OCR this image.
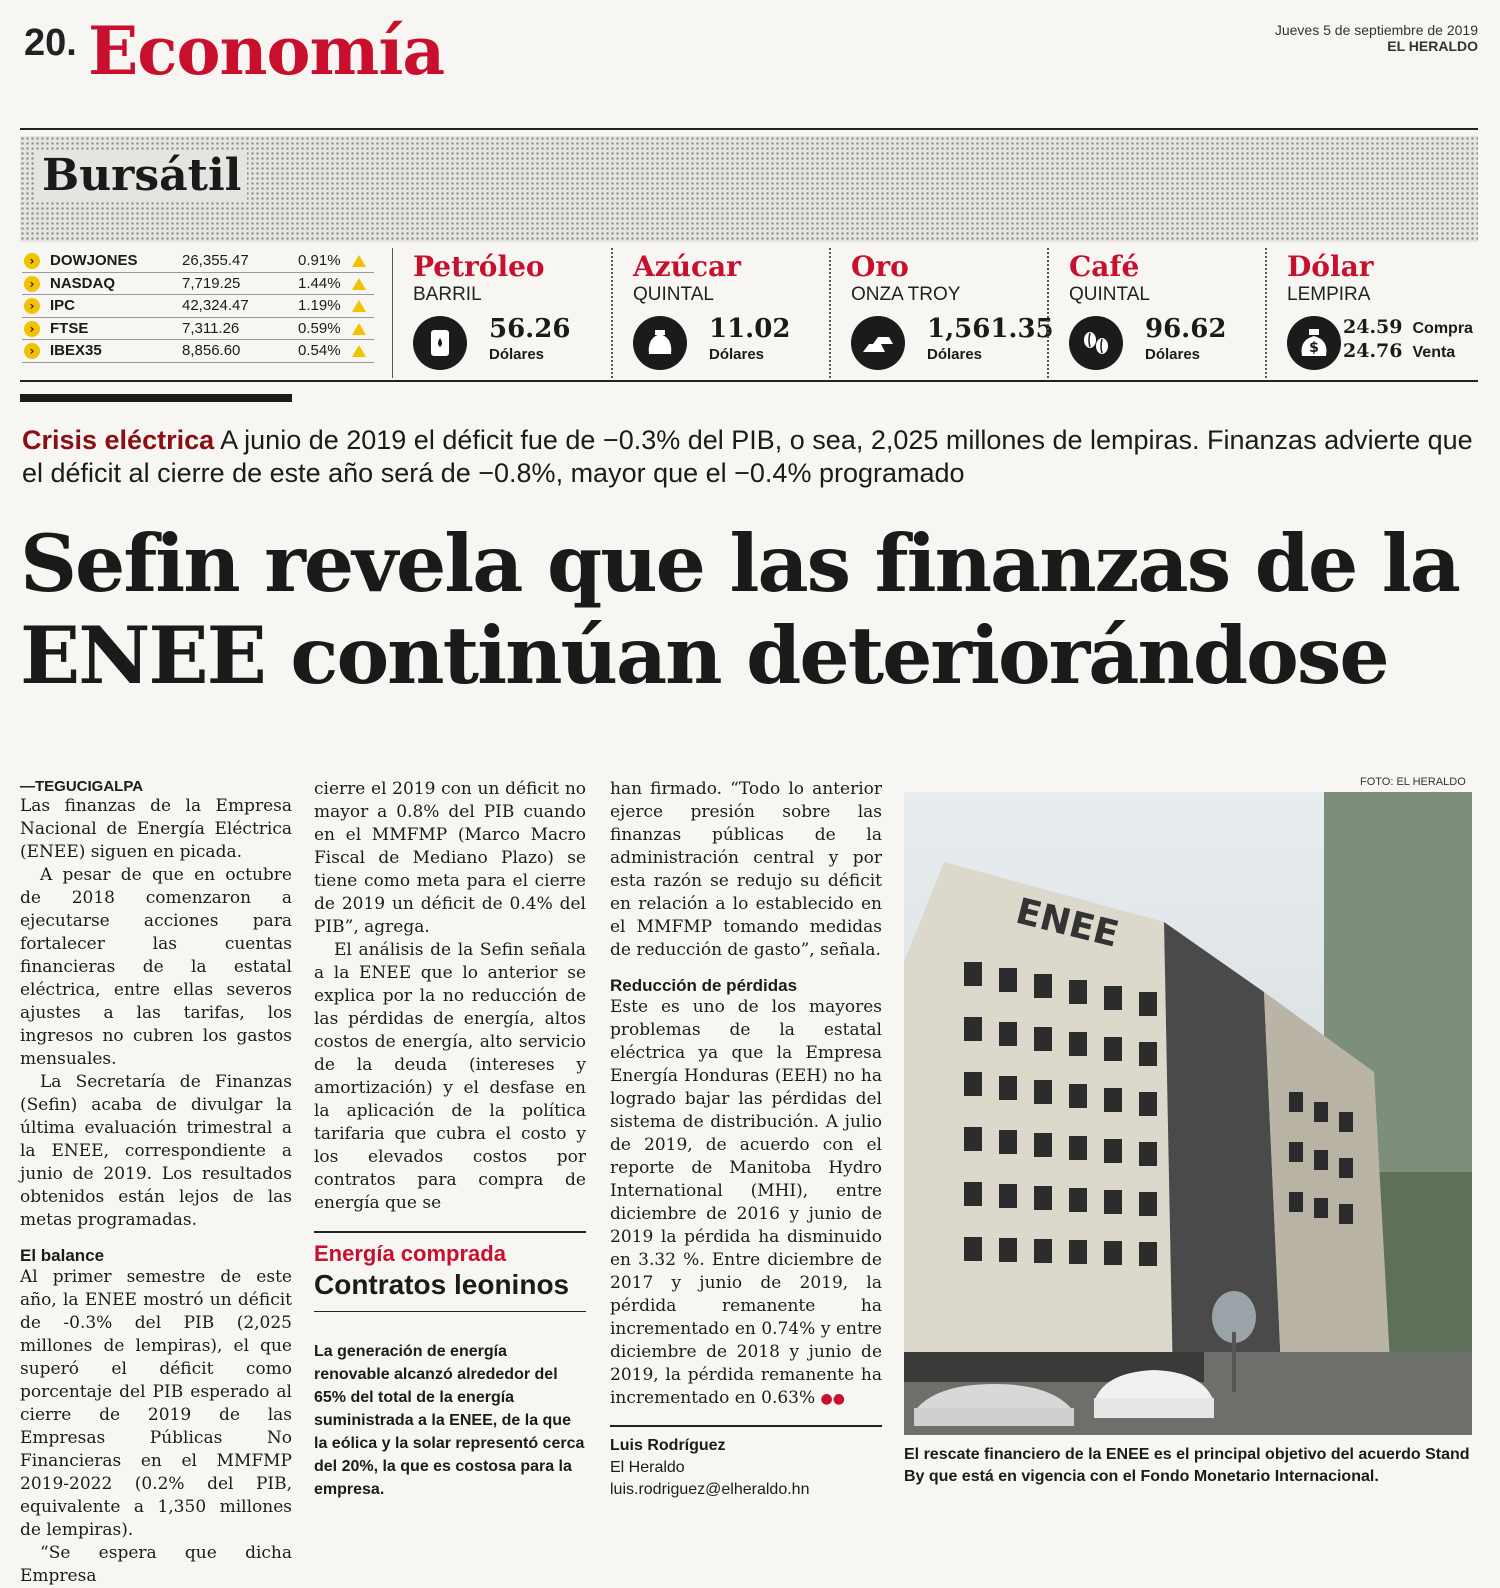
20. Economía	Jueves 5 de septiembre de 2019
EL HERALDO
Bursátil
›	DOWJONES	26,355.47	0.91%
›	NASDAQ	7,719.25	1.44%
›	IPC	42,324.47	1.19%
›	FTSE	7,311.26	0.59%
›	IBEX35	8,856.60	0.54%
Petróleo
BARRIL
56.26
Dólares
Azúcar
QUINTAL
11.02
Dólares
Oro
ONZA TROY
1,561.35
Dólares
Café
QUINTAL
96.62
Dólares
Dólar
LEMPIRA
$
24.59 Compra
24.76 Venta
Crisis eléctrica A junio de 2019 el déficit fue de −0.3% del PIB, o sea, 2,025 millones de lempiras. Finanzas advierte que el déficit al cierre de este año será de −0.8%, mayor que el −0.4% programado
Sefin revela que las finanzas de la
ENEE continúan deteriorándose
—TEGUCIGALPA

Las finanzas de la Empresa Nacional de Energía Eléctrica (ENEE) siguen en picada.

A pesar de que en octubre de 2018 comenzaron a ejecutarse acciones para fortalecer las cuentas financieras de la estatal eléctrica, entre ellas severos ajustes a las tarifas, los ingresos no cubren los gastos mensuales.

La Secretaría de Finanzas (Sefin) acaba de divulgar la última evaluación trimestral a la ENEE, correspondiente a junio de 2019. Los resultados obtenidos están lejos de las metas programadas.

El balance

Al primer semestre de este año, la ENEE mostró un déficit de -0.3% del PIB (2,025 millones de lempiras), el que superó el déficit como porcentaje del PIB esperado al cierre de 2019 de las Empresas Públicas No Financieras en el MMFMP 2019-2022 (0.2% del PIB, equivalente a 1,350 millones de lempiras).

“Se espera que dicha Empresa

cierre el 2019 con un déficit no mayor a 0.8% del PIB cuando en el MMFMP (Marco Macro Fiscal de Mediano Plazo) se tiene como meta para el cierre de 2019 un déficit de 0.4% del PIB”, agrega.

El análisis de la Sefin señala a la ENEE que lo anterior se explica por la no reducción de las pérdidas de energía, altos costos de energía, alto servicio de la deuda (intereses y amortización) y el desfase en la aplicación de la política tarifaria que cubra el costo y los elevados costos por contratos para compra de energía que se

Energía comprada
Contratos leoninos
La generación de energía renovable alcanzó alrededor del 65% del total de la energía suministrada a la ENEE, de la que la eólica y la solar representó cerca del 20%, la que es costosa para la empresa.

han firmado. “Todo lo anterior ejerce presión sobre las finanzas públicas de la administración central y por esta razón se redujo su déficit en relación a lo establecido en el MMFMP tomando medidas de reducción de gasto”, señala.

Reducción de pérdidas

Este es uno de los mayores problemas de la estatal eléctrica ya que la Empresa Energía Honduras (EEH) no ha logrado bajar las pérdidas del sistema de distribución. A julio de 2019, de acuerdo con el reporte de Manitoba Hydro International (MHI), entre diciembre de 2016 y junio de 2019 la pérdida ha disminuido en 3.32 %. Entre diciembre de 2017 y junio de 2019, la pérdida remanente ha incrementado en 0.74% y entre diciembre de 2018 y junio de 2019, la pérdida remanente ha incrementado en 0.63% ●●

Luis Rodríguez
El Heraldo
luis.rodriguez@elheraldo.hn
FOTO: EL HERALDO
ENEE
El rescate financiero de la ENEE es el principal objetivo del acuerdo Stand By que está en vigencia con el Fondo Monetario Internacional.
